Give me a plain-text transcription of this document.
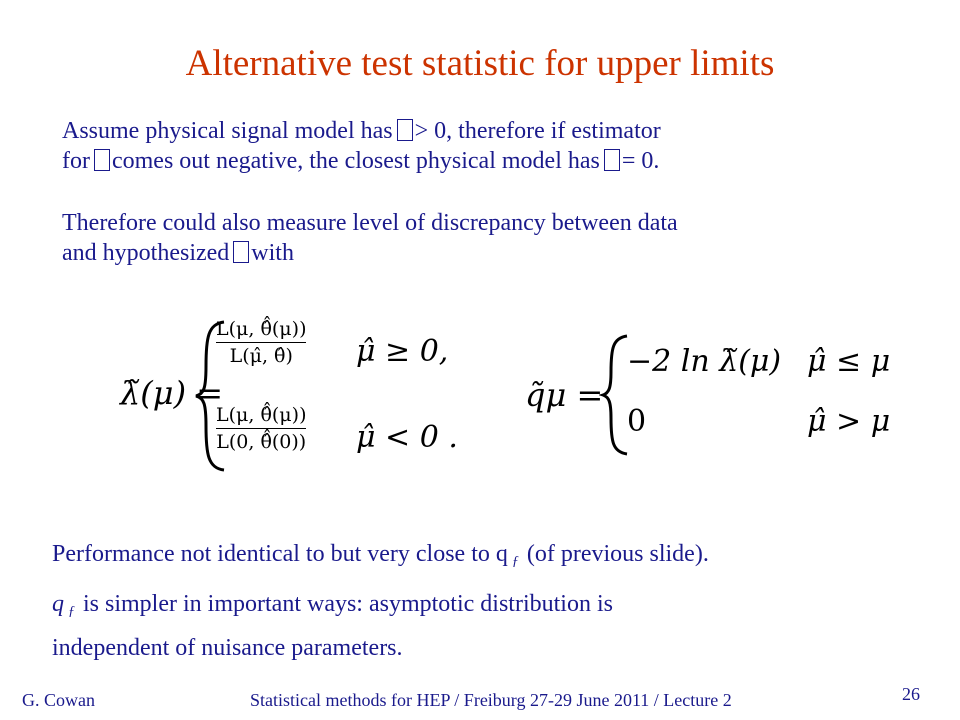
Alternative test statistic for upper limits
Assume physical signal model has > 0, therefore if estimator
for comes out negative, the closest physical model has = 0.
Therefore could also measure level of discrepancy between data
and hypothesized with
λ̃(μ) =
L(μ, θ̂̂(μ))
L(μ̂, θ̂) μ̂ ≥ 0,
L(μ, θ̂̂(μ))
L(0, θ̂̂(0)) μ̂ < 0 .
q̃μ =
−2 ln λ̃(μ) μ̂ ≤ μ
0	μ̂ > μ
Performance not identical to but very close to q ƒ (of previous slide).
qƒ is simpler in important ways: asymptotic distribution is
independent of nuisance parameters.
G. Cowan	Statistical methods for HEP / Freiburg 27-29 June 2011 / Lecture 2	26
